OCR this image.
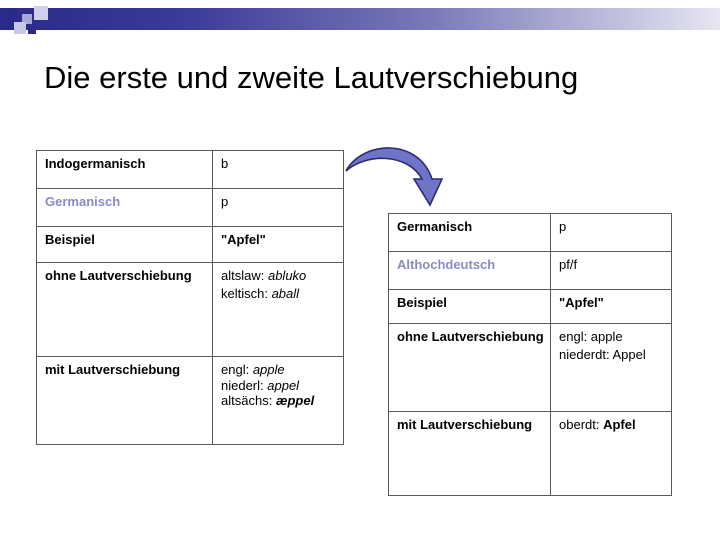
Die erste und zweite Lautverschiebung
Indogermanisch	b
Germanisch	p
Beispiel	"Apfel"
ohne Lautverschiebung	altslaw: abluko
keltisch: aball

mit Lautverschiebung	engl: apple
niederl: appel
altsächs: æppel
Germanisch	p
Althochdeutsch	pf/f
Beispiel	"Apfel"
ohne Lautverschiebung	engl: apple
niederdt: Appel

mit Lautverschiebung	oberdt: Apfel
